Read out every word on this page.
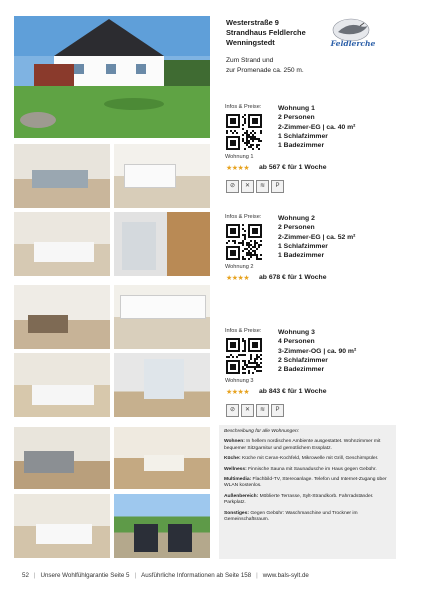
Westerstraße 9
Strandhaus Feldlerche
Wenningstedt
Zum Strand und
zur Promenade ca. 250 m.
Feldlerche
Infos & Preise: Wohnung 1
2 Personen
2-Zimmer-EG | ca. 40 m²
1 Schlafzimmer
1 Badezimmer
Wohnung 1
★★★★ ab 567 € für 1 Woche
⊘	✕	≋	P
Infos & Preise: Wohnung 2
2 Personen
2-Zimmer-EG | ca. 52 m²
1 Schlafzimmer
1 Badezimmer
Wohnung 2
★★★★ ab 678 € für 1 Woche
Infos & Preise: Wohnung 3
4 Personen
3-Zimmer-OG | ca. 90 m²
2 Schlafzimmer
2 Badezimmer
Wohnung 3
★★★★ ab 843 € für 1 Woche
⊘	✕	≋	P
Beschreibung für alle Wohnungen:

Wohnen: In hellem nordischen Ambiente ausgestattet. Wohnzimmer mit bequemer Sitzgarnitur und gemütlichem Essplatz.

Küche: Küche mit Ceran-Kochfeld, Mikrowelle mit Grill, Geschirrspüler.

Wellness: Finnische Sauna mit Saunadusche im Haus gegen Gebühr.

Multimedia: Flachbild-TV, Stereoanlage. Telefon und Internet-Zugang über WLAN kostenlos.

Außenbereich: Möblierte Terrasse, Sylt-Strandkorb. Fahrradständer. Parkplatz.

Sonstiges: Gegen Gebühr: Waschmaschine und Trockner im Gemeinschaftsraum.

52 | Unsere Wohlfühlgarantie Seite 5 | Ausführliche Informationen ab Seite 158 | www.bals-sylt.de
